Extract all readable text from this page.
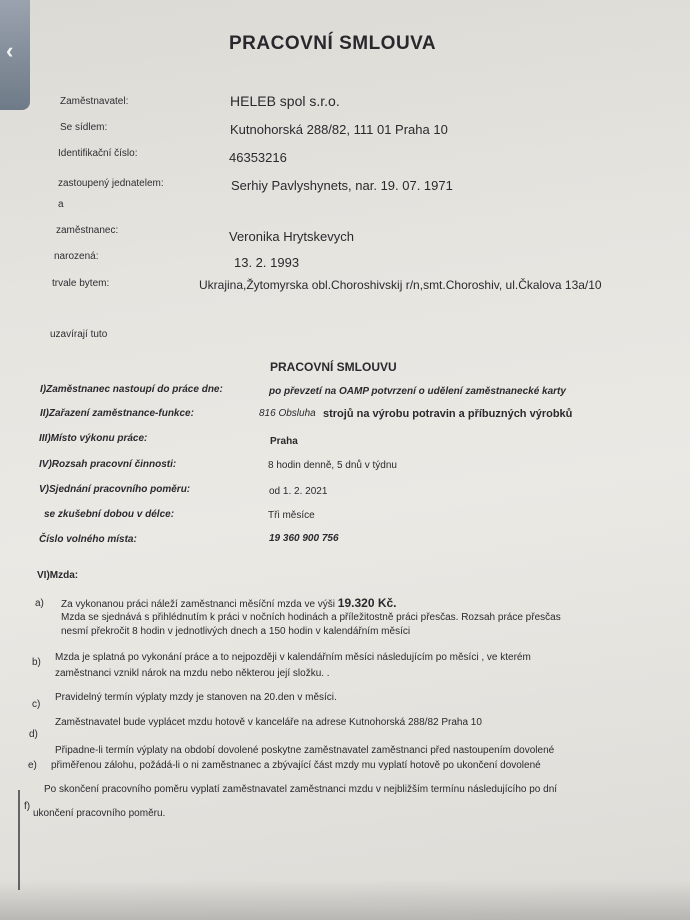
‹
PRACOVNÍ SMLOUVA
Zaměstnavatel:	HELEB spol s.r.o.
Se sídlem:	Kutnohorská 288/82, 111 01 Praha 10
Identifikační číslo:	46353216
zastoupený jednatelem:	Serhiy Pavlyshynets, nar. 19. 07. 1971
a
zaměstnanec:	Veronika Hrytskevych
narozená:	13. 2. 1993
trvale bytem:	Ukrajina,Žytomyrska obl.Choroshivskij r/n,smt.Choroshiv, ul.Čkalova 13a/10
uzavírají tuto
PRACOVNÍ SMLOUVU
I)Zaměstnanec nastoupí do práce dne:	po převzetí na OAMP potvrzení o udělení zaměstnanecké karty
II)Zařazení zaměstnance-funkce:	816 Obsluha strojů na výrobu potravin a příbuzných výrobků
III)Místo výkonu práce:	Praha
IV)Rozsah pracovní činnosti:	8 hodin denně, 5 dnů v týdnu
V)Sjednání pracovního poměru:	od 1. 2. 2021
se zkušební dobou v délce:	Tři měsíce
Číslo volného místa:	19 360 900 756
VI)Mzda:
a) Za vykonanou práci náleží zaměstnanci měsíční mzda ve výši 19.320 Kč.
Mzda se sjednává s přihlédnutím k práci v nočních hodinách a příležitostně práci přesčas. Rozsah práce přesčas
nesmí překročit 8 hodin v jednotlivých dnech a 150 hodin v kalendářním měsíci
b) Mzda je splatná po vykonání práce a to nejpozději v kalendářním měsíci následujícím po měsíci , ve kterém
zaměstnanci vznikl nárok na mzdu nebo některou její složku. .
c)
Pravidelný termín výplaty mzdy je stanoven na 20.den v měsíci.
d)
Zaměstnavatel bude vyplácet mzdu hotově v kanceláře na adrese Kutnohorská 288/82 Praha 10
e)
Připadne-li termín výplaty na období dovolené poskytne zaměstnavatel zaměstnanci před nastoupením dovolené
přiměřenou zálohu, požádá-li o ni zaměstnanec a zbývající část mzdy mu vyplatí hotově po ukončení dovolené
f)
Po skončení pracovního poměru vyplatí zaměstnavatel zaměstnanci mzdu v nejbližším termínu následujícího po dní
ukončení pracovního poměru.
